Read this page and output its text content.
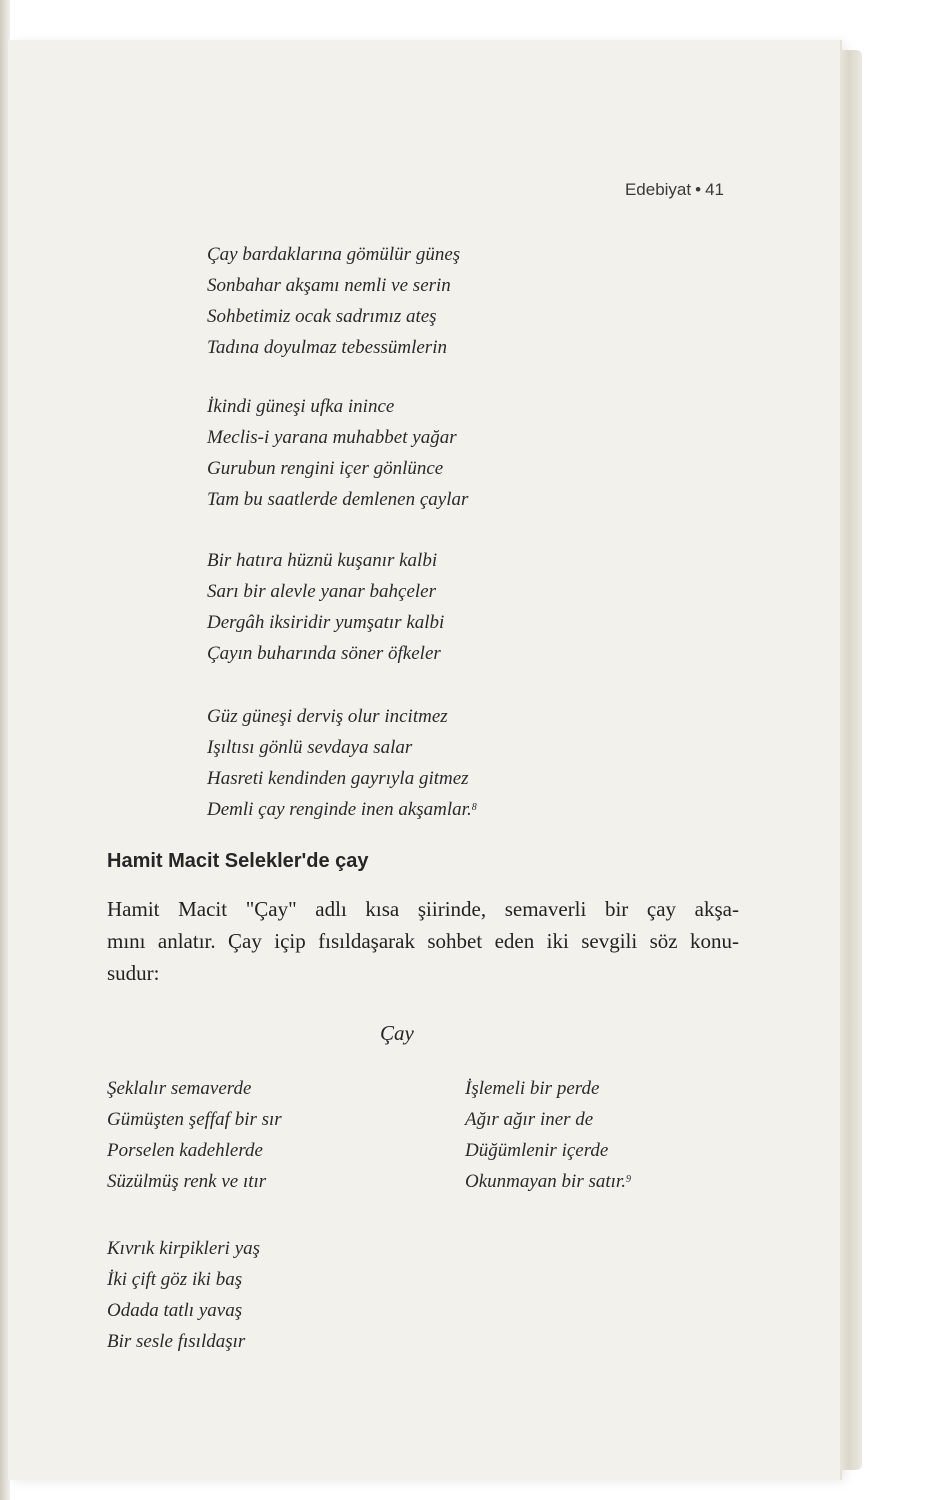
Edebiyat • 41
Çay bardaklarına gömülür güneş
Sonbahar akşamı nemli ve serin
Sohbetimiz ocak sadrımız ateş
Tadına doyulmaz tebessümlerin
İkindi güneşi ufka inince
Meclis-i yarana muhabbet yağar
Gurubun rengini içer gönlünce
Tam bu saatlerde demlenen çaylar
Bir hatıra hüznü kuşanır kalbi
Sarı bir alevle yanar bahçeler
Dergâh iksiridir yumşatır kalbi
Çayın buharında söner öfkeler
Güz güneşi derviş olur incitmez
Işıltısı gönlü sevdaya salar
Hasreti kendinden gayrıyla gitmez
Demli çay renginde inen akşamlar.$^8$
Hamit Macit Selekler'de çay
Hamit Macit "Çay" adlı kısa şiirinde, semaverli bir çay akşa-
mını anlatır. Çay içip fısıldaşarak sohbet eden iki sevgili söz konu-
sudur:
Çay
Şeklalır semaverde
Gümüşten şeffaf bir sır
Porselen kadehlerde
Süzülmüş renk ve ıtır
İşlemeli bir perde
Ağır ağır iner de
Düğümlenir içerde
Okunmayan bir satır.$^9$
Kıvrık kirpikleri yaş
İki çift göz iki baş
Odada tatlı yavaş
Bir sesle fısıldaşır
